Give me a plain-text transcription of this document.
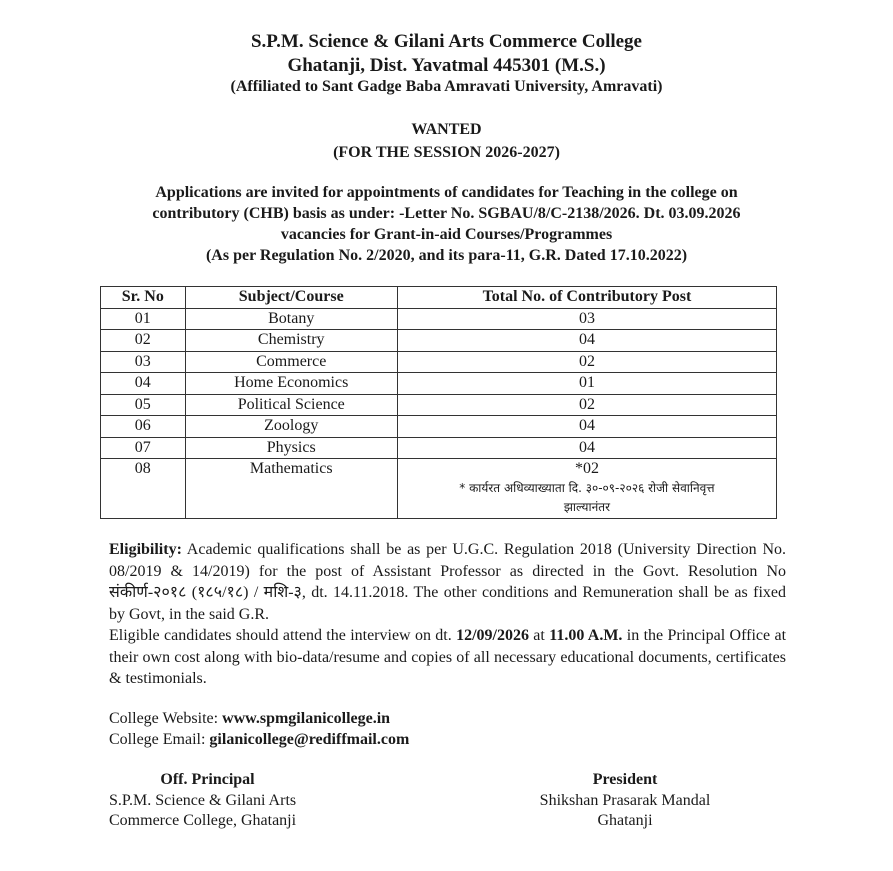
S.P.M. Science & Gilani Arts Commerce College
Ghatanji, Dist. Yavatmal 445301 (M.S.)
(Affiliated to Sant Gadge Baba Amravati University, Amravati)
WANTED
(FOR THE SESSION 2026-2027)
Applications are invited for appointments of candidates for Teaching in the college on
contributory (CHB) basis as under: -Letter No. SGBAU/8/C-2138/2026. Dt. 03.09.2026
vacancies for Grant-in-aid Courses/Programmes
(As per Regulation No. 2/2020, and its para-11, G.R. Dated 17.10.2022)
Sr. No	Subject/Course	Total No. of Contributory Post
01	Botany	03
02	Chemistry	04
03	Commerce	02
04	Home Economics	01
05	Political Science	02
06	Zoology	04
07	Physics	04
08	Mathematics	*02
* कार्यरत अधिव्याख्याता दि. ३०-०९-२०२६ रोजी सेवानिवृत्त
झाल्यानंतर
Eligibility: Academic qualifications shall be as per U.G.C. Regulation 2018 (University Direction No. 08/2019 & 14/2019) for the post of Assistant Professor as directed in the Govt. Resolution No संकीर्ण-२०१८ (१८५/१८) / मशि-३, dt. 14.11.2018. The other conditions and Remuneration shall be as fixed by Govt, in the said G.R.
Eligible candidates should attend the interview on dt. 12/09/2026 at 11.00 A.M. in the Principal Office at their own cost along with bio-data/resume and copies of all necessary educational documents, certificates & testimonials.
College Website: www.spmgilanicollege.in
College Email: gilanicollege@rediffmail.com
Off. Principal
S.P.M. Science & Gilani Arts
Commerce College, Ghatanji
President
Shikshan Prasarak Mandal
Ghatanji
